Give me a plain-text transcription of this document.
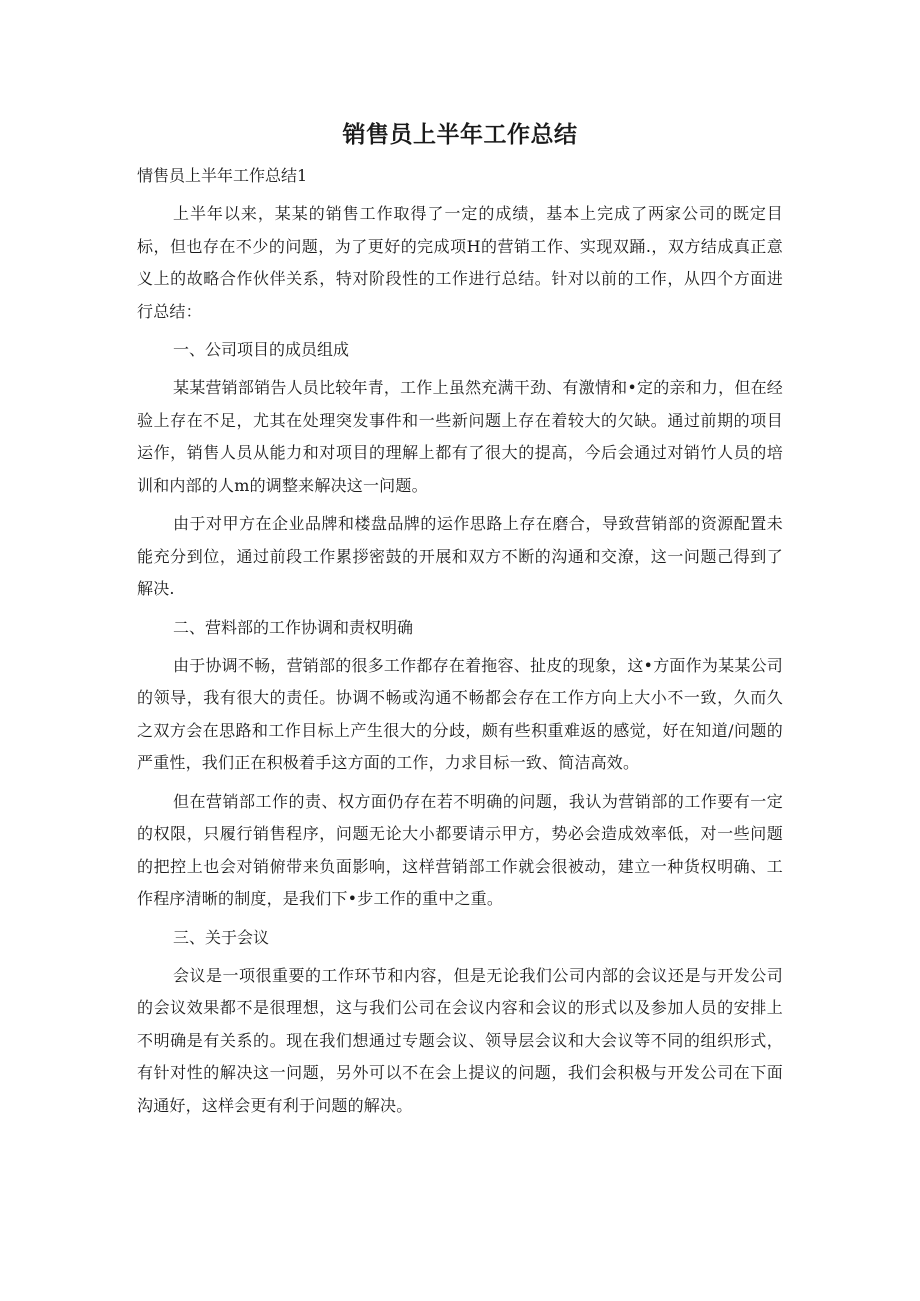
销售员上半年工作总结

情售员上半年工作总结1

上半年以来，某某的销售工作取得了一定的成绩，基本上完成了两家公司的既定目标，但也存在不少的问题，为了更好的完成项H的营销工作、实现双踊.，双方结成真正意义上的故略合作伙伴关系，特对阶段性的工作进行总结。针对以前的工作，从四个方面进行总结：

一、公司项目的成员组成

某某营销部销告人员比较年青，工作上虽然充满干劲、有激情和•定的亲和力，但在经验上存在不足，尤其在处理突发事件和一些新问题上存在着较大的欠缺。通过前期的项目运作，销售人员从能力和对项目的理解上都有了很大的提高，今后会通过对销竹人员的培训和内部的人m的调整来解决这一问题。

由于对甲方在企业品牌和楼盘品牌的运作思路上存在磨合，导致营销部的资源配置未能充分到位，通过前段工作累拶密鼓的开展和双方不断的沟通和交潦，这一问题己得到了解决.

二、营料部的工作协调和责权明确

由于协调不畅，营销部的很多工作都存在着拖容、扯皮的现象，这•方面作为某某公司的领导，我有很大的责任。协调不畅或沟通不畅都会存在工作方向上大小不一致，久而久之双方会在思路和工作目标上产生很大的分歧，颇有些积重难返的感觉，好在知道/问题的严重性，我们正在积极着手这方面的工作，力求目标一致、简洁高效。

但在营销部工作的责、权方面仍存在若不明确的问题，我认为营销部的工作要有一定的权限，只履行销售程序，问题无论大小都要请示甲方，势必会造成效率低，对一些问题的把控上也会对销俯带来负面影响，这样营销部工作就会很被动，建立一种货权明确、工作程序清晰的制度，是我们下•步工作的重中之重。

三、关于会议

会议是一项很重要的工作环节和内容，但是无论我们公司内部的会议还是与开发公司的会议效果都不是很理想，这与我们公司在会议内容和会议的形式以及参加人员的安排上不明确是有关系的。现在我们想通过专题会议、领导层会议和大会议等不同的组织形式，有针对性的解决这一问题，另外可以不在会上提议的问题，我们会积极与开发公司在下面沟通好，这样会更有利于问题的解决。
